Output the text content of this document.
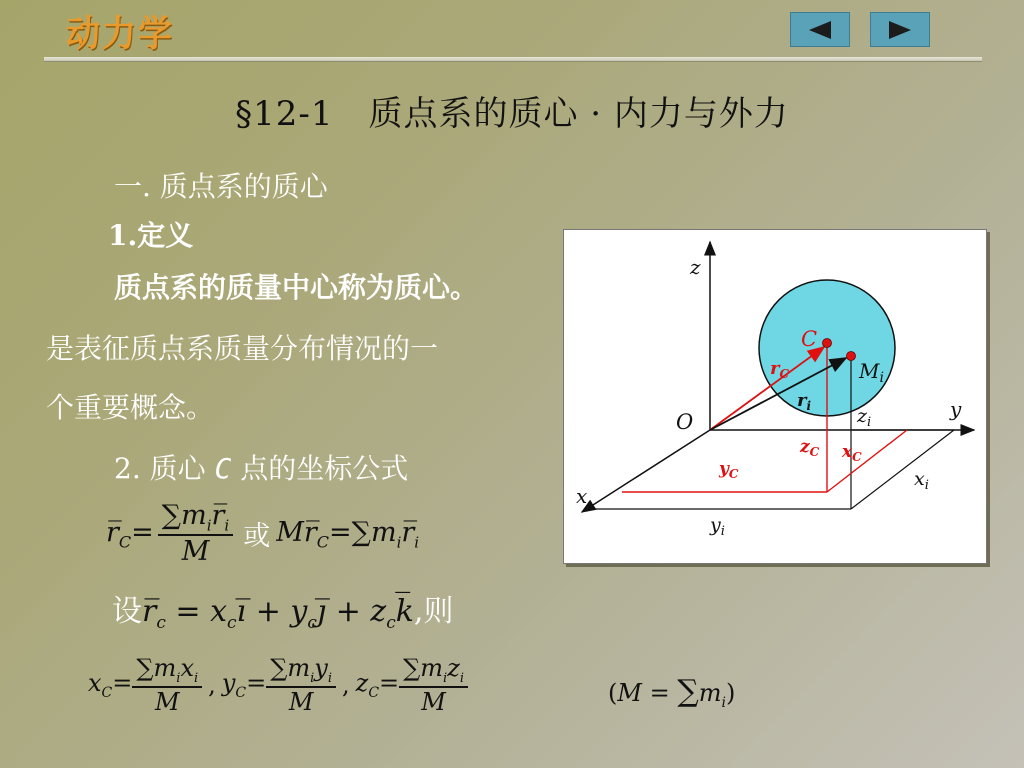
动力学
§12-1　质点系的质心 · 内力与外力
一. 质点系的质心
1.定义
质点系的质量中心称为质心。
是表征质点系质量分布情况的一
个重要概念。
2. 质心 C 点的坐标公式
$r̅_C= \frac{\sum m_ir̅_i}{M}$ 或 $Mr̅_C=\sum m_ir̅_i$
设$r̅_c$ = $x_ci̅$ + $y_cj̅$ + $z_ck̅$,则
$x_C= \frac{\sum m_ix_i}{M}$ , $y_C= \frac{\sum m_iy_i}{M}$ , $z_C= \frac{\sum m_iz_i}{M}$	$(M = \sum m_i)$
z
y
x
O
C
$M_i$
$r_C$
$r_i$ $z_i$
$z_C$ $x_C$
$y_C$	$x_i$
$y_i$
